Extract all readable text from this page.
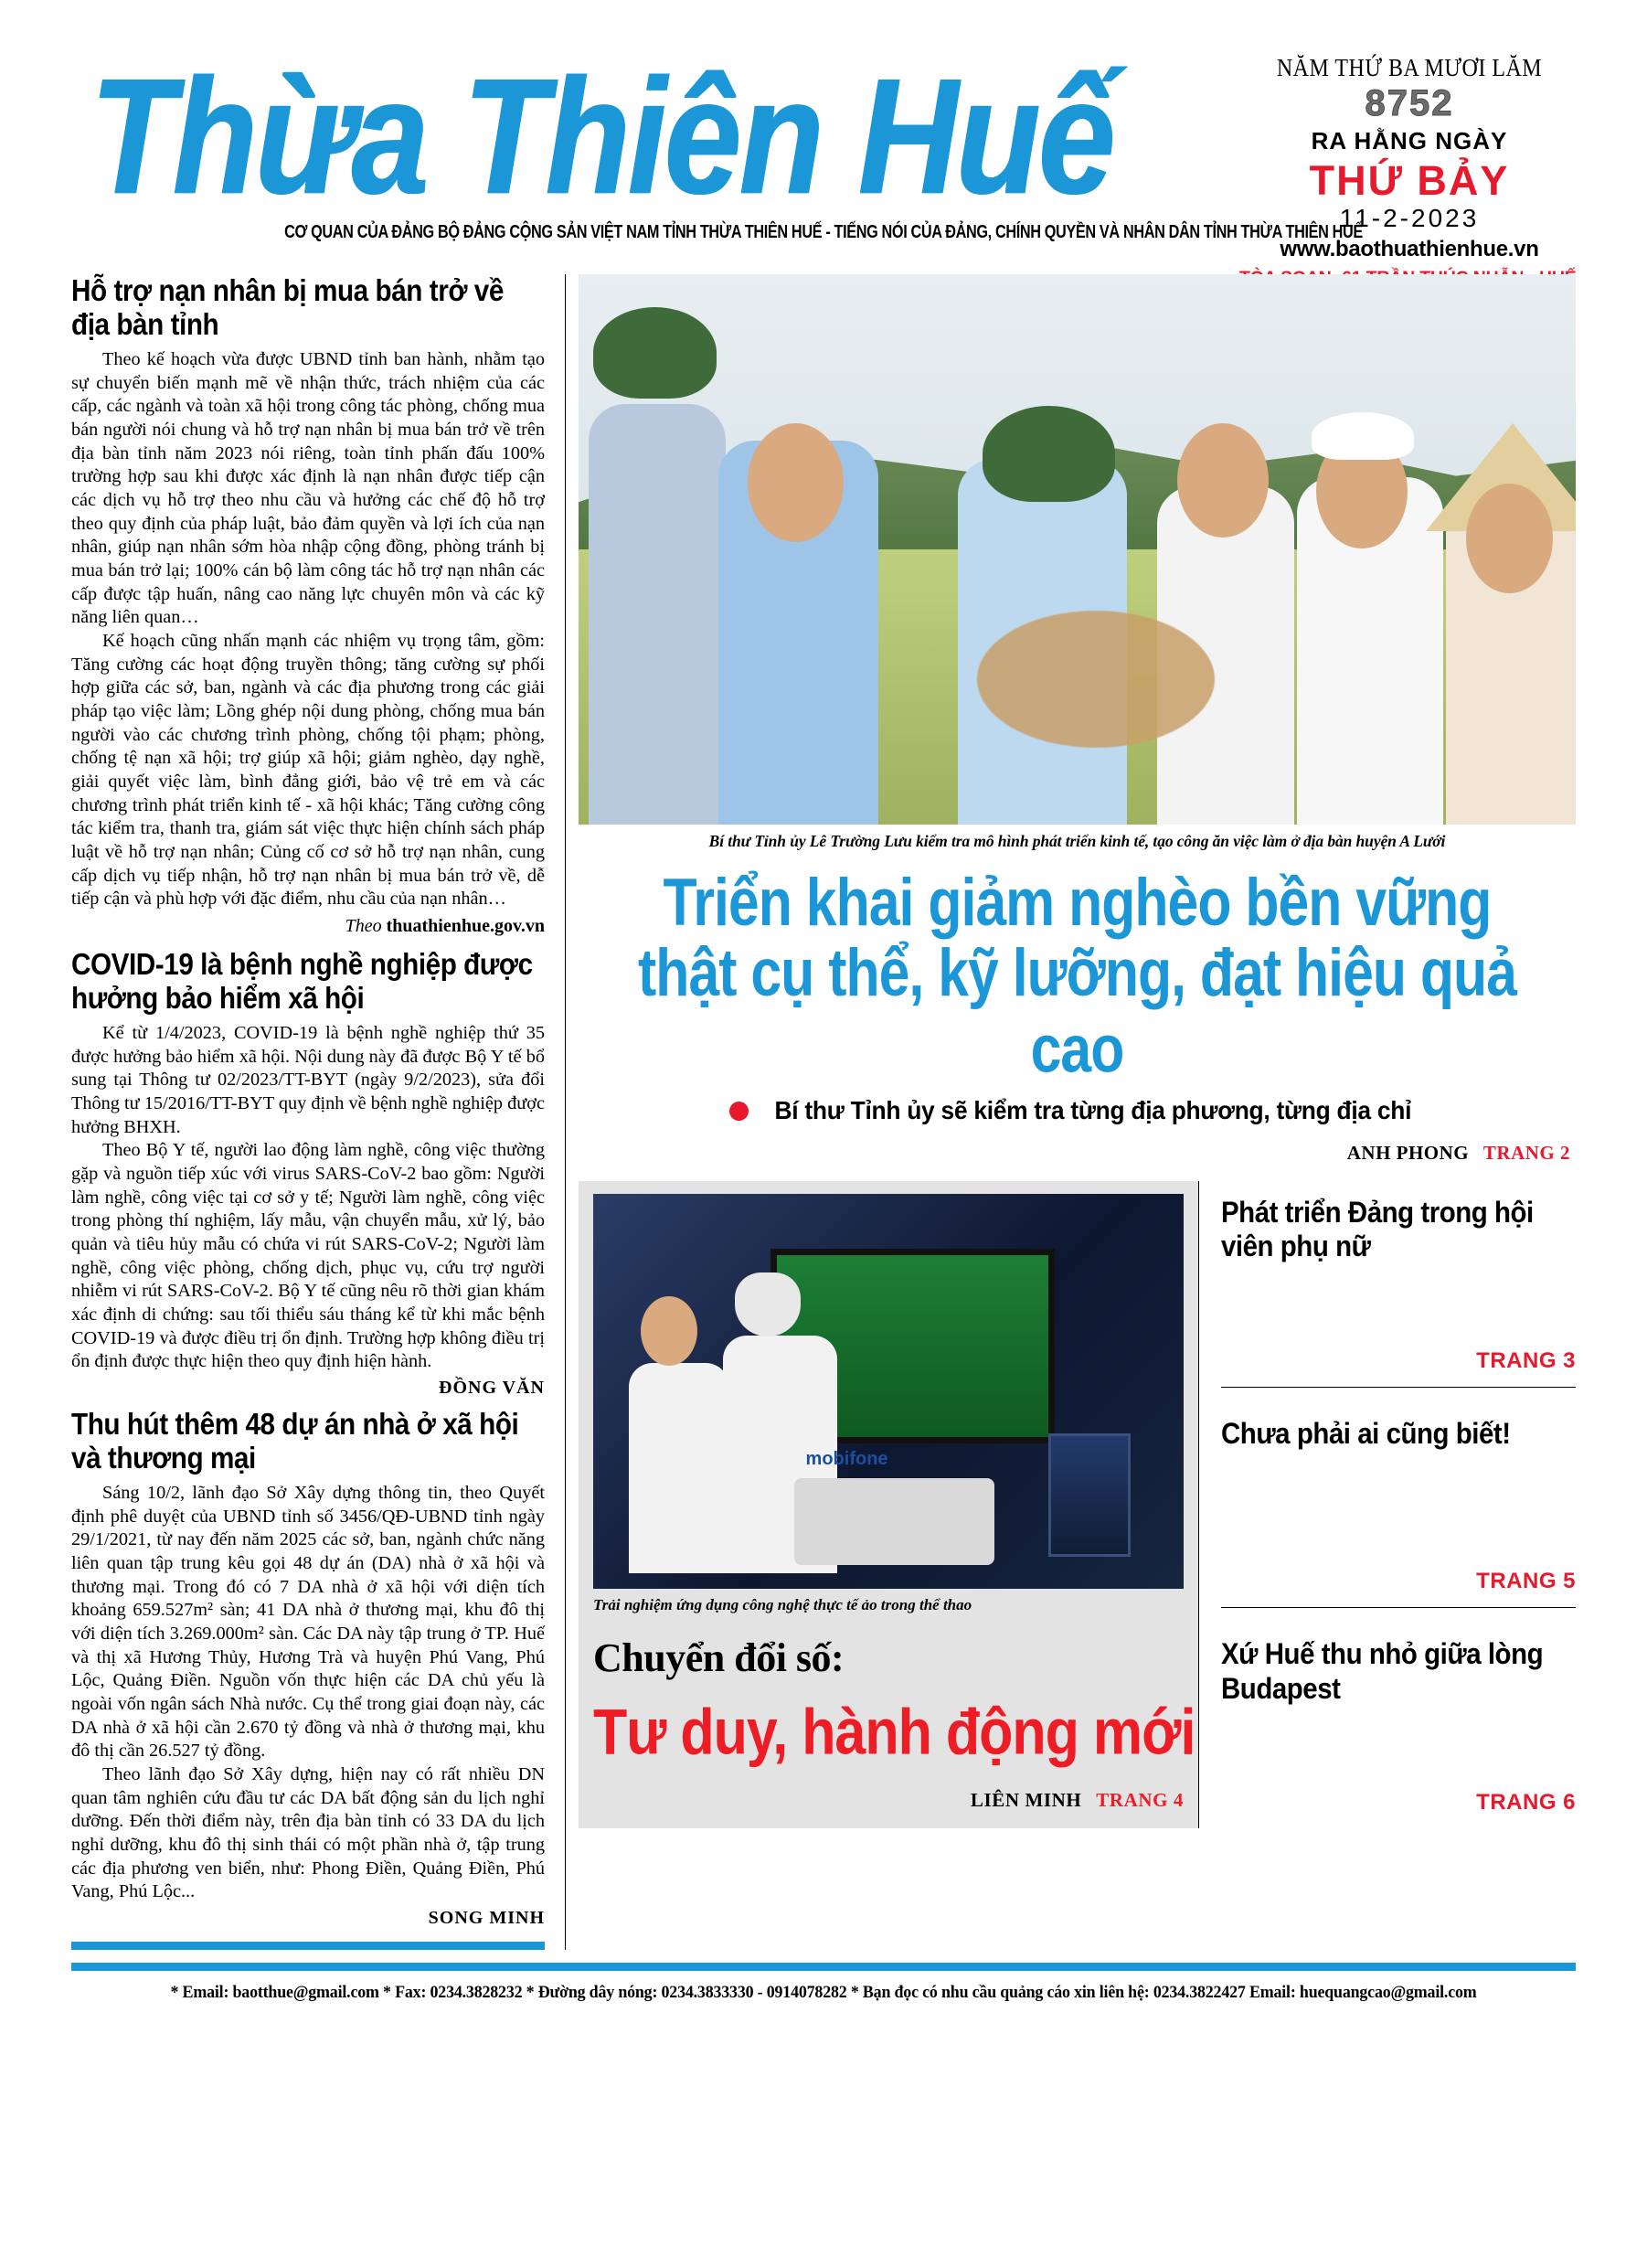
Thừa Thiên Huế	NĂM THỨ BA MƯƠI LĂM
8752
RA HẰNG NGÀY
THỨ BẢY
11-2-2023
www.baothuathienhue.vn
CƠ QUAN CỦA ĐẢNG BỘ ĐẢNG CỘNG SẢN VIỆT NAM TỈNH THỪA THIÊN HUẾ - TIẾNG NÓI CỦA ĐẢNG, CHÍNH QUYỀN VÀ NHÂN DÂN TỈNH THỪA THIÊN HUẾ
Hỗ trợ nạn nhân bị mua bán trở về địa bàn tỉnh

Theo kế hoạch vừa được UBND tỉnh ban hành, nhằm tạo sự chuyển biến mạnh mẽ về nhận thức, trách nhiệm của các cấp, các ngành và toàn xã hội trong công tác phòng, chống mua bán người nói chung và hỗ trợ nạn nhân bị mua bán trở về trên địa bàn tỉnh năm 2023 nói riêng, toàn tỉnh phấn đấu 100% trường hợp sau khi được xác định là nạn nhân được tiếp cận các dịch vụ hỗ trợ theo nhu cầu và hưởng các chế độ hỗ trợ theo quy định của pháp luật, bảo đảm quyền và lợi ích của nạn nhân, giúp nạn nhân sớm hòa nhập cộng đồng, phòng tránh bị mua bán trở lại; 100% cán bộ làm công tác hỗ trợ nạn nhân các cấp được tập huấn, nâng cao năng lực chuyên môn và các kỹ năng liên quan…

Kế hoạch cũng nhấn mạnh các nhiệm vụ trọng tâm, gồm: Tăng cường các hoạt động truyền thông; tăng cường sự phối hợp giữa các sở, ban, ngành và các địa phương trong các giải pháp tạo việc làm; Lồng ghép nội dung phòng, chống mua bán người vào các chương trình phòng, chống tội phạm; phòng, chống tệ nạn xã hội; trợ giúp xã hội; giảm nghèo, dạy nghề, giải quyết việc làm, bình đẳng giới, bảo vệ trẻ em và các chương trình phát triển kinh tế - xã hội khác; Tăng cường công tác kiểm tra, thanh tra, giám sát việc thực hiện chính sách pháp luật về hỗ trợ nạn nhân; Củng cố cơ sở hỗ trợ nạn nhân, cung cấp dịch vụ tiếp nhận, hỗ trợ nạn nhân bị mua bán trở về, dễ tiếp cận và phù hợp với đặc điểm, nhu cầu của nạn nhân…

Theo thuathienhue.gov.vn
COVID-19 là bệnh nghề nghiệp được hưởng bảo hiểm xã hội

Kể từ 1/4/2023, COVID-19 là bệnh nghề nghiệp thứ 35 được hưởng bảo hiểm xã hội. Nội dung này đã được Bộ Y tế bổ sung tại Thông tư 02/2023/TT-BYT (ngày 9/2/2023), sửa đổi Thông tư 15/2016/TT-BYT quy định về bệnh nghề nghiệp được hưởng BHXH.

Theo Bộ Y tế, người lao động làm nghề, công việc thường gặp và nguồn tiếp xúc với virus SARS-CoV-2 bao gồm: Người làm nghề, công việc tại cơ sở y tế; Người làm nghề, công việc trong phòng thí nghiệm, lấy mẫu, vận chuyển mẫu, xử lý, bảo quản và tiêu hủy mẫu có chứa vi rút SARS-CoV-2; Người làm nghề, công việc phòng, chống dịch, phục vụ, cứu trợ người nhiễm vi rút SARS-CoV-2. Bộ Y tế cũng nêu rõ thời gian khám xác định di chứng: sau tối thiểu sáu tháng kể từ khi mắc bệnh COVID-19 và được điều trị ổn định. Trường hợp không điều trị ổn định được thực hiện theo quy định hiện hành.

ĐỒNG VĂN
Thu hút thêm 48 dự án nhà ở xã hội và thương mại

Sáng 10/2, lãnh đạo Sở Xây dựng thông tin, theo Quyết định phê duyệt của UBND tỉnh số 3456/QĐ-UBND tỉnh ngày 29/1/2021, từ nay đến năm 2025 các sở, ban, ngành chức năng liên quan tập trung kêu gọi 48 dự án (DA) nhà ở xã hội và thương mại. Trong đó có 7 DA nhà ở xã hội với diện tích khoảng 659.527m² sàn; 41 DA nhà ở thương mại, khu đô thị với diện tích 3.269.000m² sàn. Các DA này tập trung ở TP. Huế và thị xã Hương Thủy, Hương Trà và huyện Phú Vang, Phú Lộc, Quảng Điền. Nguồn vốn thực hiện các DA chủ yếu là ngoài vốn ngân sách Nhà nước. Cụ thể trong giai đoạn này, các DA nhà ở xã hội cần 2.670 tỷ đồng và nhà ở thương mại, khu đô thị cần 26.527 tỷ đồng.

Theo lãnh đạo Sở Xây dựng, hiện nay có rất nhiều DN quan tâm nghiên cứu đầu tư các DA bất động sản du lịch nghỉ dưỡng. Đến thời điểm này, trên địa bàn tỉnh có 33 DA du lịch nghỉ dưỡng, khu đô thị sinh thái có một phần nhà ở, tập trung các địa phương ven biển, như: Phong Điền, Quảng Điền, Phú Vang, Phú Lộc...

SONG MINH
Bí thư Tỉnh ủy Lê Trường Lưu kiểm tra mô hình phát triển kinh tế, tạo công ăn việc làm ở địa bàn huyện A Lưới
Triển khai giảm nghèo bền vững
thật cụ thể, kỹ lưỡng, đạt hiệu quả cao
Bí thư Tỉnh ủy sẽ kiểm tra từng địa phương, từng địa chỉ
ANH PHONG TRANG 2
mobifone
Trải nghiệm ứng dụng công nghệ thực tế ảo trong thể thao
Chuyển đổi số:
Tư duy, hành động mới
LIÊN MINH TRANG 4
Phát triển Đảng trong hội viên phụ nữ
TRANG 3
Chưa phải ai cũng biết!
TRANG 5
Xứ Huế thu nhỏ giữa lòng Budapest
TRANG 6
* Email: baotthue@gmail.com * Fax: 0234.3828232 * Đường dây nóng: 0234.3833330 - 0914078282 * Bạn đọc có nhu cầu quảng cáo xin liên hệ: 0234.3822427 Email: huequangcao@gmail.com
